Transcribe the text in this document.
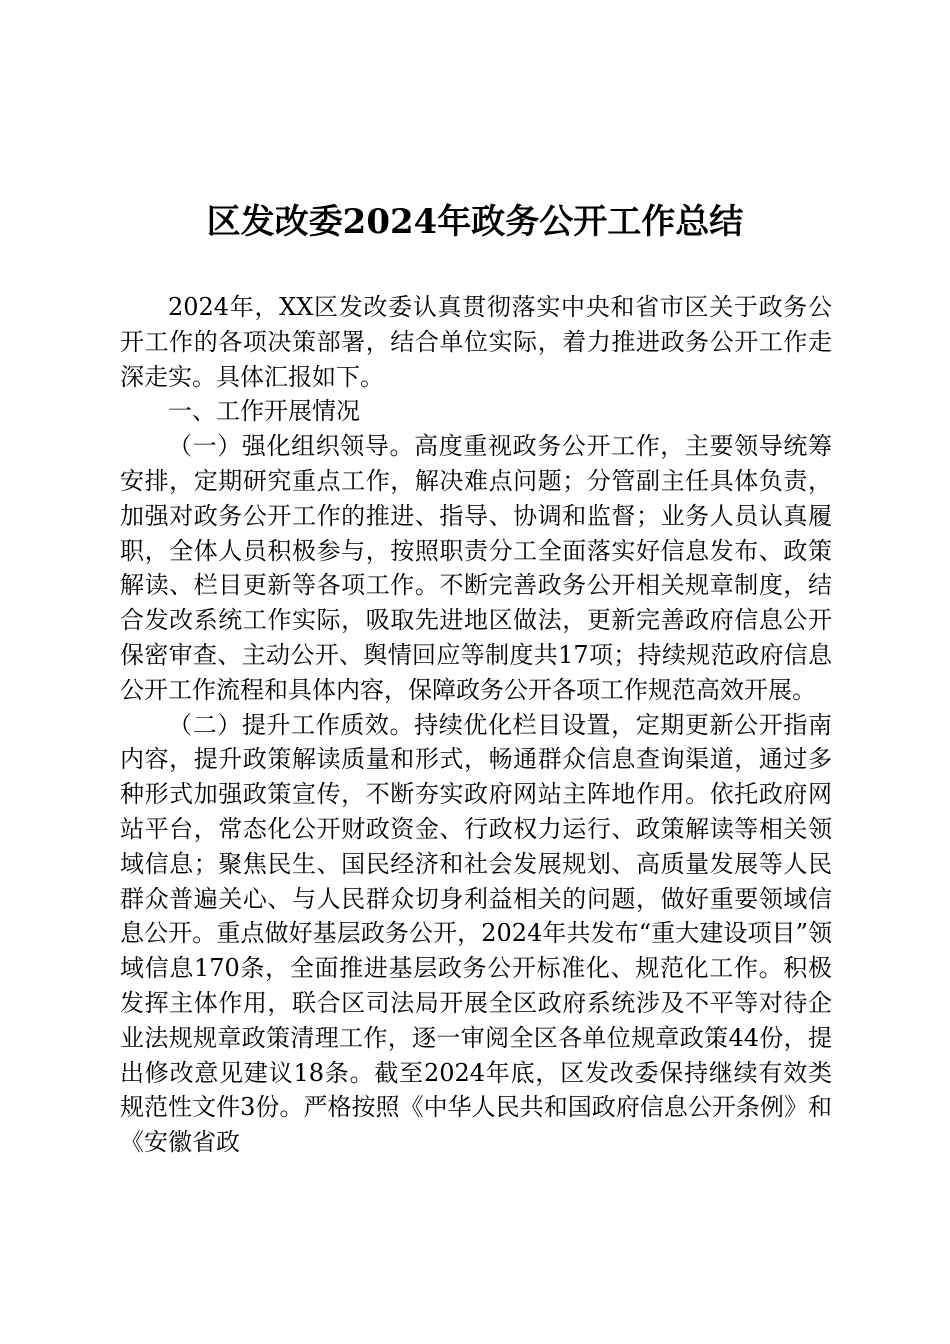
区发改委2024年政务公开工作总结

2024年，XX区发改委认真贯彻落实中央和省市区关于政务公开工作的各项决策部署，结合单位实际，着力推进政务公开工作走深走实。具体汇报如下。

一、工作开展情况

（一）强化组织领导。高度重视政务公开工作，主要领导统筹安排，定期研究重点工作，解决难点问题；分管副主任具体负责，加强对政务公开工作的推进、指导、协调和监督；业务人员认真履职，全体人员积极参与，按照职责分工全面落实好信息发布、政策解读、栏目更新等各项工作。不断完善政务公开相关规章制度，结合发改系统工作实际，吸取先进地区做法，更新完善政府信息公开保密审查、主动公开、舆情回应等制度共17项；持续规范政府信息公开工作流程和具体内容，保障政务公开各项工作规范高效开展。

（二）提升工作质效。持续优化栏目设置，定期更新公开指南内容，提升政策解读质量和形式，畅通群众信息查询渠道，通过多种形式加强政策宣传，不断夯实政府网站主阵地作用。依托政府网站平台，常态化公开财政资金、行政权力运行、政策解读等相关领域信息；聚焦民生、国民经济和社会发展规划、高质量发展等人民群众普遍关心、与人民群众切身利益相关的问题，做好重要领域信息公开。重点做好基层政务公开，2024年共发布“重大建设项目”领域信息170条，全面推进基层政务公开标准化、规范化工作。积极发挥主体作用，联合区司法局开展全区政府系统涉及不平等对待企业法规规章政策清理工作，逐一审阅全区各单位规章政策44份，提出修改意见建议18条。截至2024年底，区发改委保持继续有效类规范性文件3份。严格按照《中华人民共和国政府信息公开条例》和《安徽省政
